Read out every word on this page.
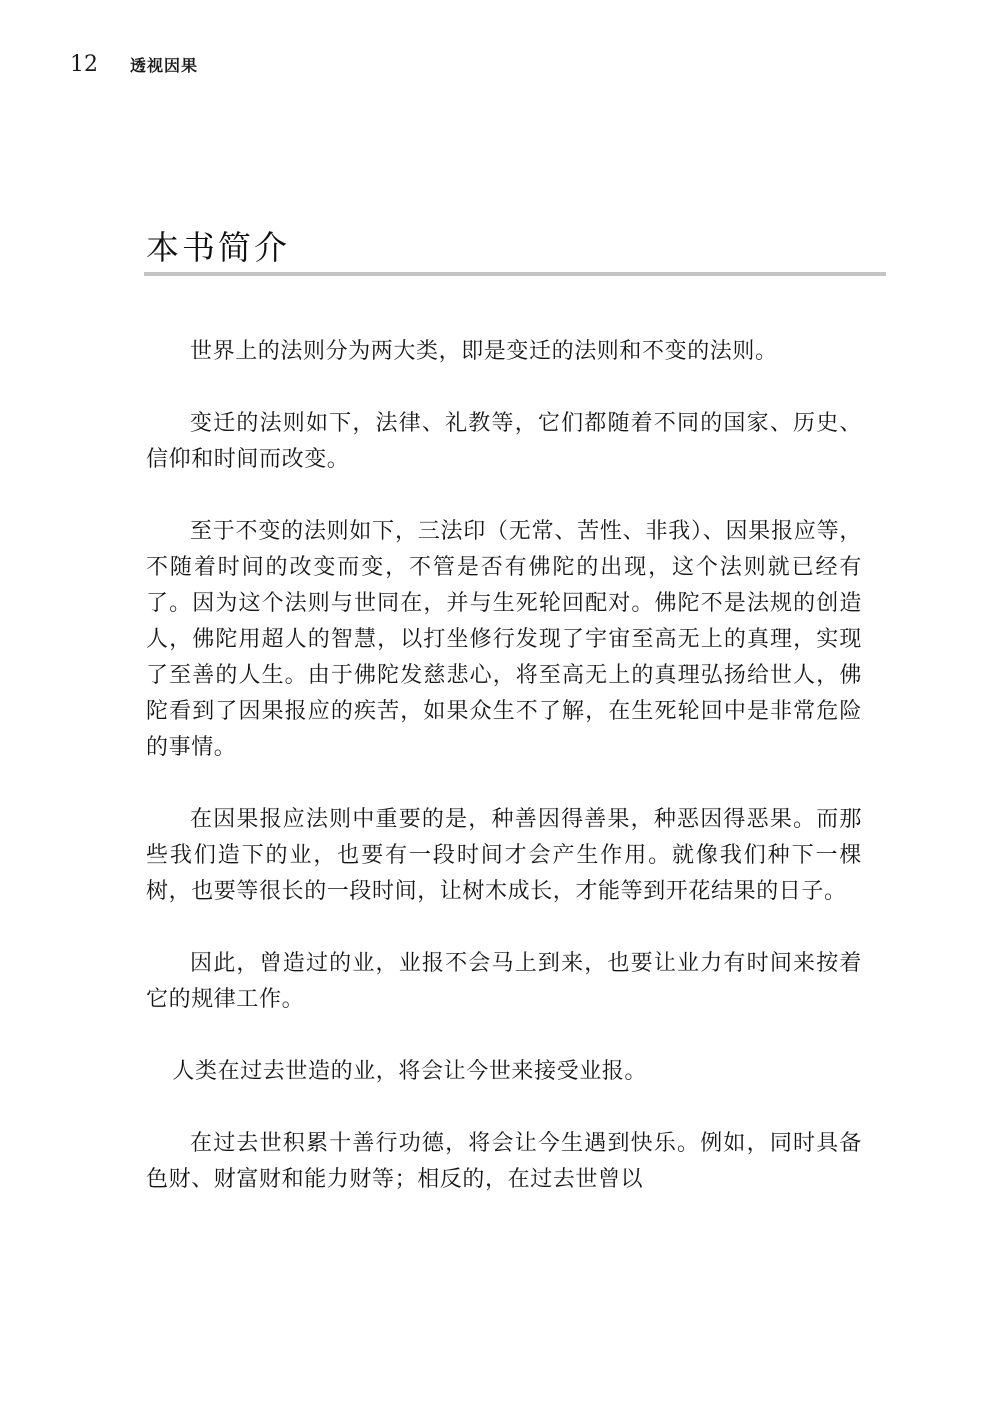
12	透视因果
本书简介

世界上的法则分为两大类，即是变迁的法则和不变的法则。

变迁的法则如下，法律、礼教等，它们都随着不同的国家、历史、信仰和时间而改变。

至于不变的法则如下，三法印（无常、苦性、非我）、因果报应等，不随着时间的改变而变，不管是否有佛陀的出现，这个法则就已经有了。因为这个法则与世同在，并与生死轮回配对。佛陀不是法规的创造人，佛陀用超人的智慧，以打坐修行发现了宇宙至高无上的真理，实现了至善的人生。由于佛陀发慈悲心，将至高无上的真理弘扬给世人，佛陀看到了因果报应的疾苦，如果众生不了解，在生死轮回中是非常危险的事情。

在因果报应法则中重要的是，种善因得善果，种恶因得恶果。而那些我们造下的业，也要有一段时间才会产生作用。就像我们种下一棵树，也要等很长的一段时间，让树木成长，才能等到开花结果的日子。

因此，曾造过的业，业报不会马上到来，也要让业力有时间来按着它的规律工作。

人类在过去世造的业，将会让今世来接受业报。

在过去世积累十善行功德，将会让今生遇到快乐。例如，同时具备色财、财富财和能力财等；相反的，在过去世曾以
